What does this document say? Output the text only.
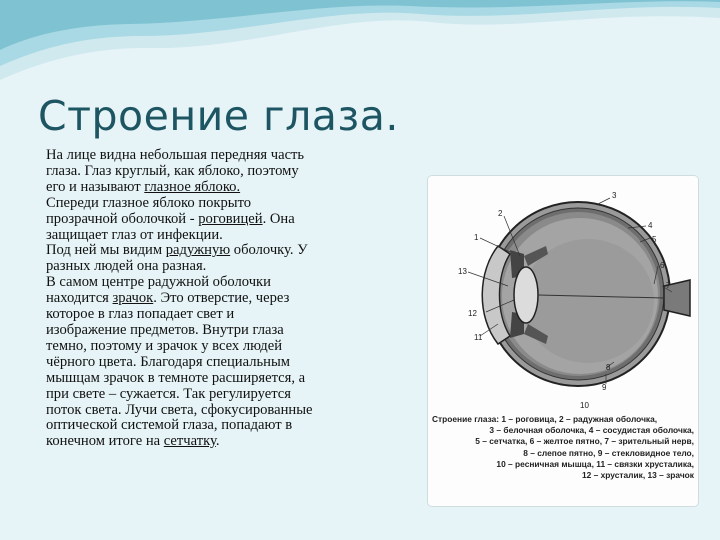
Строение глаза.
На лице видна небольшая передняя часть
глаза. Глаз круглый, как яблоко, поэтому
его и называют глазное яблоко.
Спереди глазное яблоко покрыто
прозрачной оболочкой - роговицей. Она
защищает глаз от инфекции.
Под ней мы видим радужную оболочку. У
разных людей она разная.
В самом центре радужной оболочки
находится зрачок. Это отверстие, через
которое в глаз попадает свет и
изображение предметов. Внутри глаза
темно, поэтому и зрачок у всех людей
чёрного цвета. Благодаря специальным
мышцам зрачок в темноте расширяется, а
при свете – сужается. Так регулируется
поток света. Лучи света, сфокусированные
оптической системой глаза, попадают в
конечном итоге на сетчатку.
1
2
3
4
5
6
7
8
9
10
11
12
13
Строение глаза: 1 – роговица, 2 – радужная оболочка,
3 – белочная оболочка, 4 – сосудистая оболочка,
5 – сетчатка, 6 – желтое пятно, 7 – зрительный нерв,
8 – слепое пятно, 9 – стекловидное тело,
10 – ресничная мышца, 11 – связки хрусталика,
12 – хрусталик, 13 – зрачок
